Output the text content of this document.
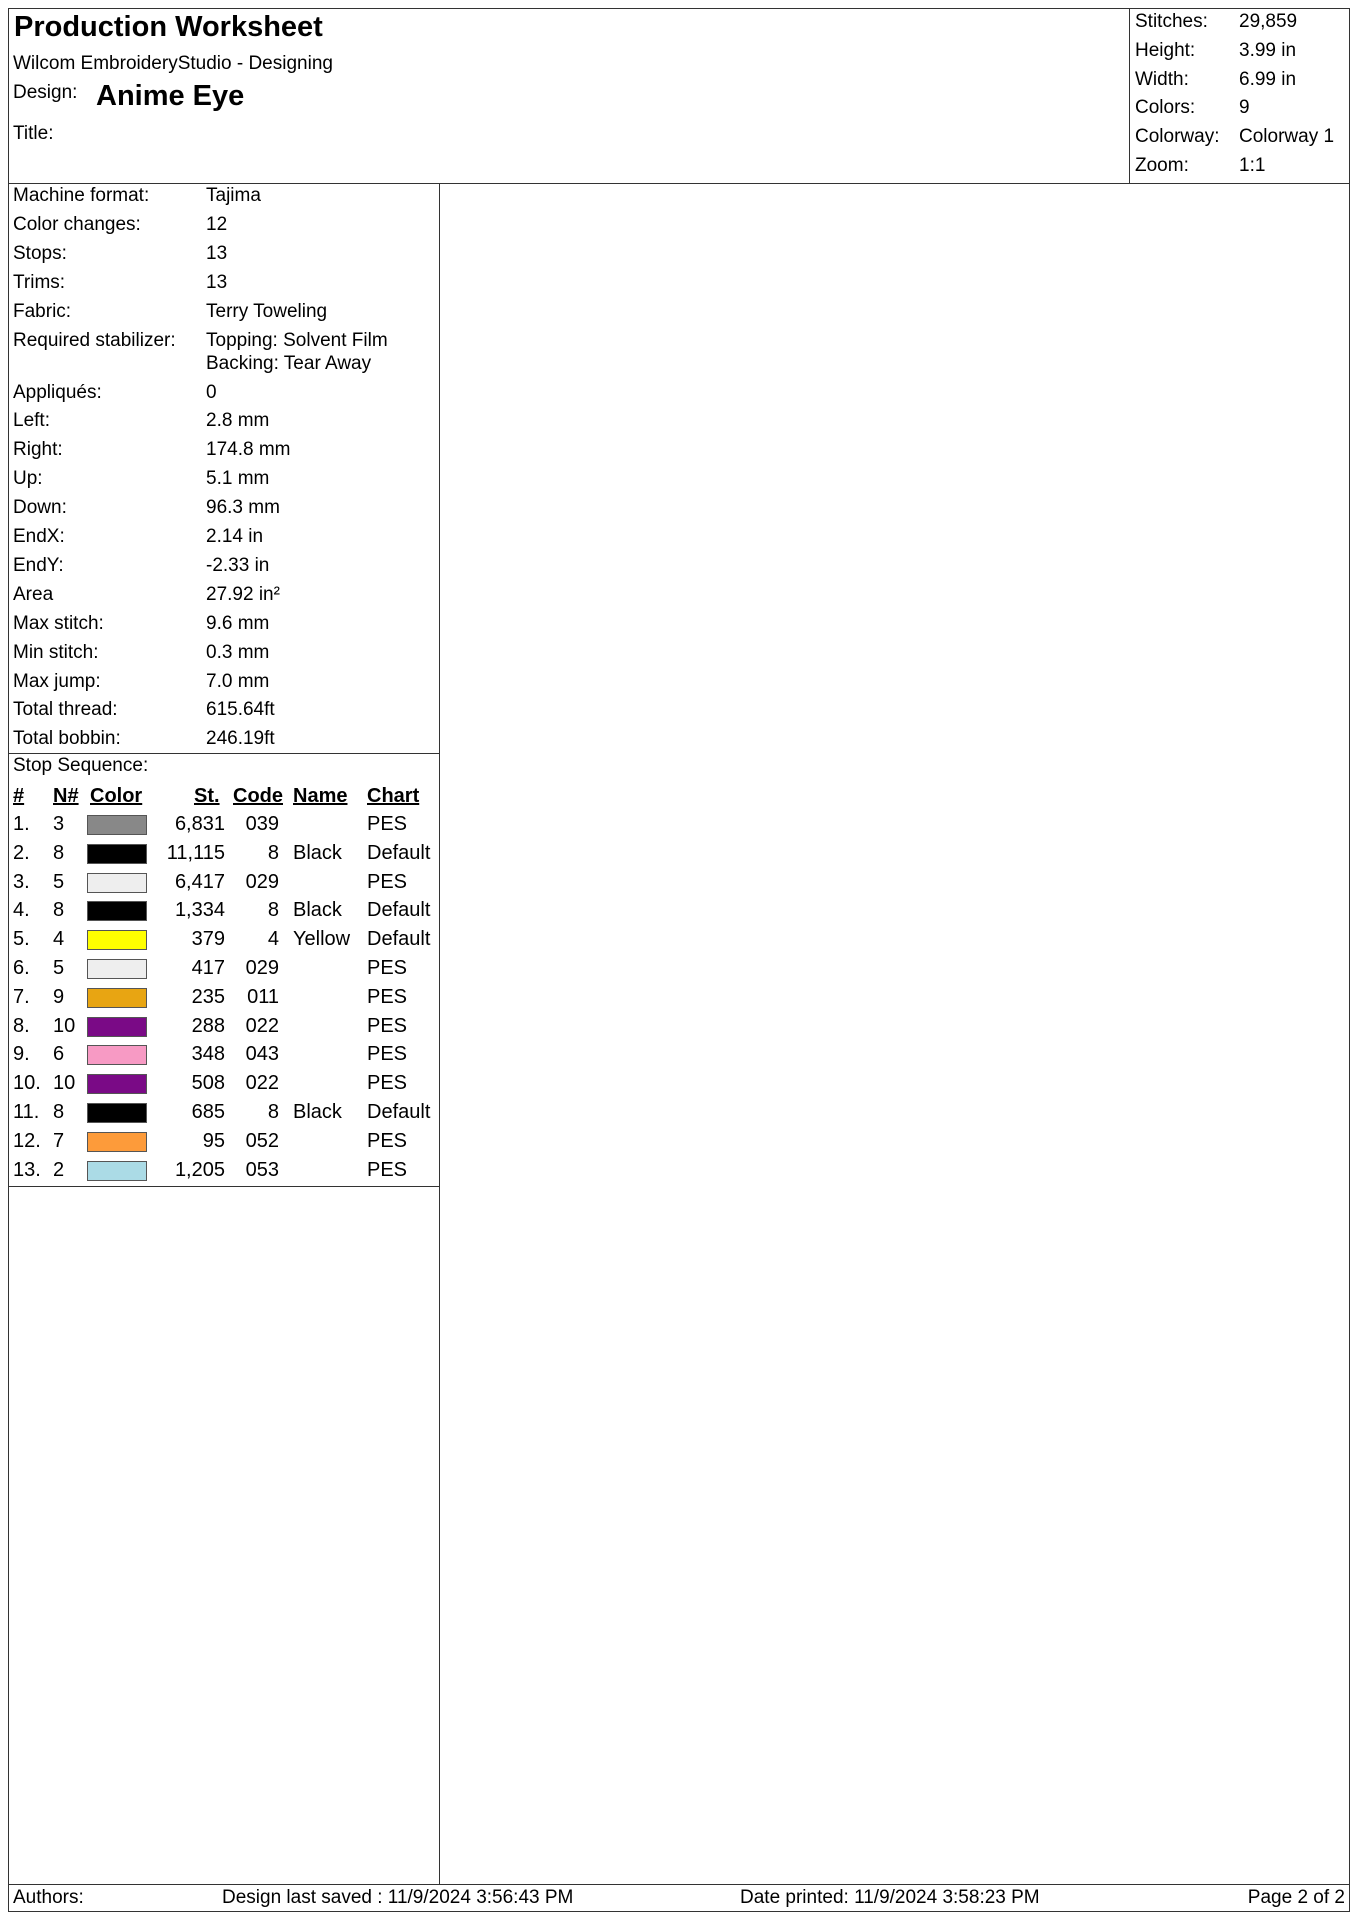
Production Worksheet
Wilcom EmbroideryStudio - Designing
Design: Anime Eye
Title:
Stitches: 29,859
Height: 3.99 in
Width:	6.99 in
Colors: 9
Colorway: Colorway 1
Zoom:	1:1
Machine format:	Tajima
Color changes:	12
Stops:	13
Trims:	13
Fabric:	Terry Toweling
Required stabilizer: Topping: Solvent Film
Backing: Tear Away
Appliqués:	0
Left:	2.8 mm
Right:	174.8 mm
Up:	5.1 mm
Down:	96.3 mm
EndX:	2.14 in
EndY:	-2.33 in
Area	27.92 in²
Max stitch:	9.6 mm
Min stitch:	0.3 mm
Max jump:	7.0 mm
Total thread:	615.64ft
Total bobbin:	246.19ft
Stop Sequence:
# N# Color	St. Code Name Chart
1. 3	6,831 039	PES
2. 8	11,115 8 Black Default
3. 5	6,417 029	PES
4. 8	1,334 8 Black Default
5. 4	379 4 Yellow Default
6. 5	417 029	PES
7. 9	235 011	PES
8. 10	288 022	PES
9. 6	348 043	PES
10. 10	508 022	PES
11. 8	685 8 Black Default
12. 7	95 052	PES
13. 2	1,205 053	PES
Authors:	Design last saved : 11/9/2024 3:56:43 PM	Date printed: 11/9/2024 3:58:23 PM	Page 2 of 2
